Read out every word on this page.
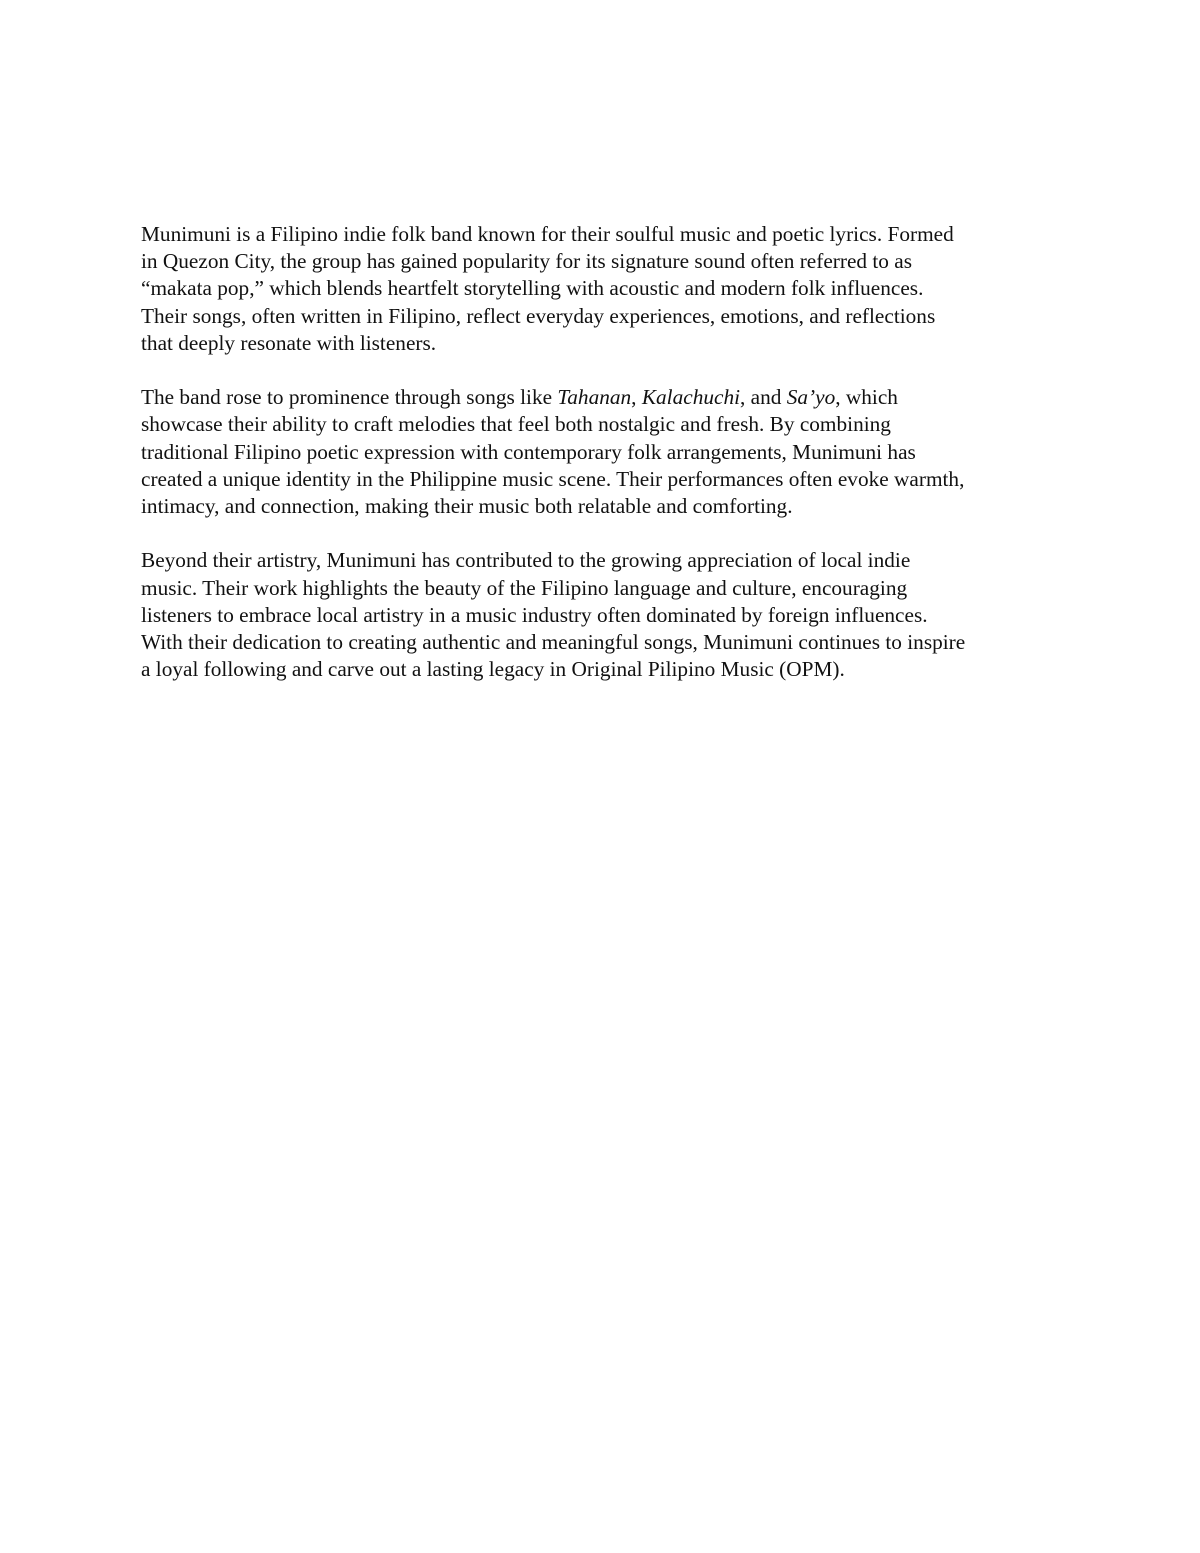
Munimuni is a Filipino indie folk band known for their soulful music and poetic lyrics. Formed
in Quezon City, the group has gained popularity for its signature sound often referred to as
“makata pop,” which blends heartfelt storytelling with acoustic and modern folk influences.
Their songs, often written in Filipino, reflect everyday experiences, emotions, and reflections
that deeply resonate with listeners.

The band rose to prominence through songs like Tahanan, Kalachuchi, and Sa’yo, which
showcase their ability to craft melodies that feel both nostalgic and fresh. By combining
traditional Filipino poetic expression with contemporary folk arrangements, Munimuni has
created a unique identity in the Philippine music scene. Their performances often evoke warmth,
intimacy, and connection, making their music both relatable and comforting.

Beyond their artistry, Munimuni has contributed to the growing appreciation of local indie
music. Their work highlights the beauty of the Filipino language and culture, encouraging
listeners to embrace local artistry in a music industry often dominated by foreign influences.
With their dedication to creating authentic and meaningful songs, Munimuni continues to inspire
a loyal following and carve out a lasting legacy in Original Pilipino Music (OPM).
